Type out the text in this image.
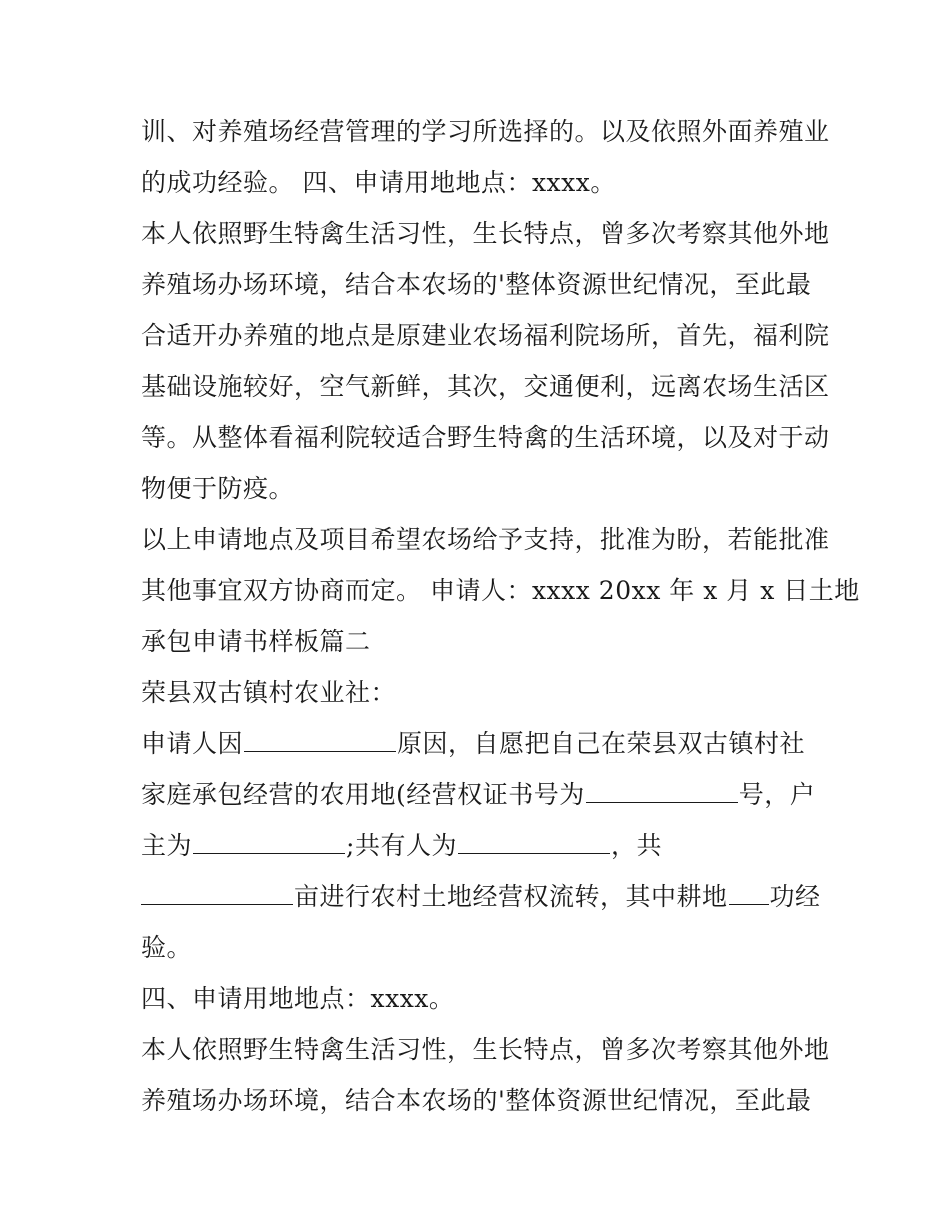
训、对养殖场经营管理的学习所选择的。以及依照外面养殖业
的成功经验。 四、申请用地地点：xxxx。
本人依照野生特禽生活习性，生长特点，曾多次考察其他外地
养殖场办场环境，结合本农场的'整体资源世纪情况，至此最
合适开办养殖的地点是原建业农场福利院场所，首先，福利院
基础设施较好，空气新鲜，其次，交通便利，远离农场生活区
等。从整体看福利院较适合野生特禽的生活环境，以及对于动
物便于防疫。
以上申请地点及项目希望农场给予支持，批准为盼，若能批准
其他事宜双方协商而定。 申请人：xxxx 20xx 年 x 月 x 日土地
承包申请书样板篇二
荣县双古镇村农业社：
申请人因	原因，自愿把自己在荣县双古镇村社
家庭承包经营的农用地(经营权证书号为	号，户
主为	;共有人为	，共
亩进行农村土地经营权流转，其中耕地 功经
验。
四、申请用地地点：xxxx。
本人依照野生特禽生活习性，生长特点，曾多次考察其他外地
养殖场办场环境，结合本农场的'整体资源世纪情况，至此最
